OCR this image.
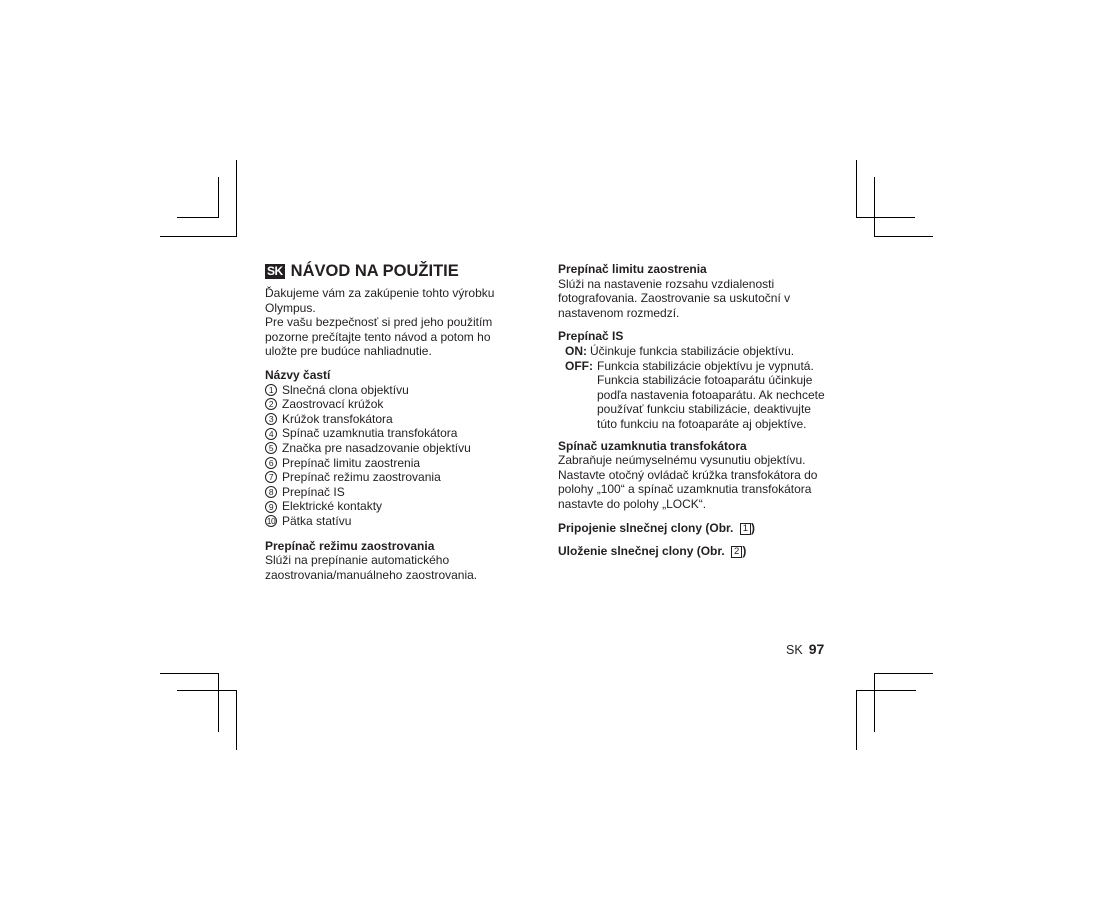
SK NÁVOD NA POUŽITIE

Ďakujeme vám za zakúpenie tohto výrobku Olympus.

Pre vašu bezpečnosť si pred jeho použitím pozorne prečítajte tento návod a potom ho uložte pre budúce nahliadnutie.

Názvy častí

1 Slnečná clona objektívu
2 Zaostrovací krúžok
3 Krúžok transfokátora
4 Spínač uzamknutia transfokátora
5 Značka pre nasadzovanie objektívu
6 Prepínač limitu zaostrenia
7 Prepínač režimu zaostrovania
8 Prepínač IS
9 Elektrické kontakty
10 Pätka statívu

Prepínač režimu zaostrovania

Slúži na prepínanie automatického zaostrovania/manuálneho zaostrovania.

Prepínač limitu zaostrenia

Slúži na nastavenie rozsahu vzdialenosti fotografovania. Zaostrovanie sa uskutoční v nastavenom rozmedzí.

Prepínač IS

ON: Účinkuje funkcia stabilizácie objektívu.
OFF: Funkcia stabilizácie objektívu je vypnutá. Funkcia stabilizácie fotoaparátu účinkuje podľa nastavenia fotoaparátu. Ak nechcete používať funkciu stabilizácie, deaktivujte túto funkciu na fotoaparáte aj objektíve.

Spínač uzamknutia transfokátora

Zabraňuje neúmyselnému vysunutiu objektívu. Nastavte otočný ovládač krúžka transfokátora do polohy „100“ a spínač uzamknutia transfokátora nastavte do polohy „LOCK“.

Pripojenie slnečnej clony (Obr. 1 )

Uloženie slnečnej clony (Obr. 2 )

SK 97
